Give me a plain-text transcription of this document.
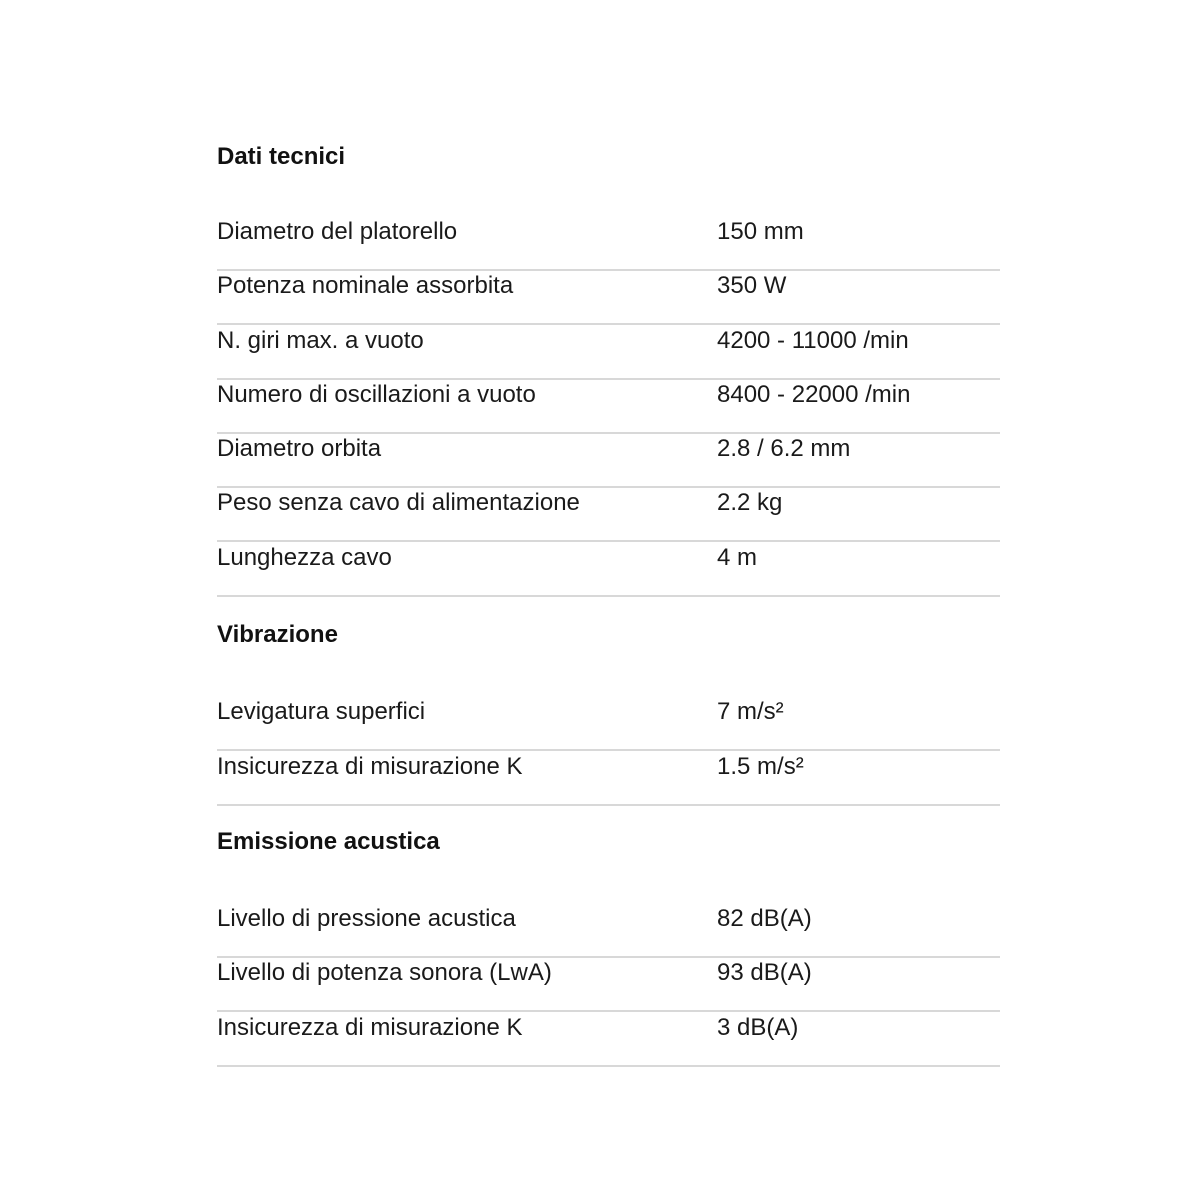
Dati tecnici
Diametro del platorello	150 mm
Potenza nominale assorbita	350 W
N. giri max. a vuoto	4200 - 11000 /min
Numero di oscillazioni a vuoto	8400 - 22000 /min
Diametro orbita	2.8 / 6.2 mm
Peso senza cavo di alimentazione	2.2 kg
Lunghezza cavo	4 m
Vibrazione
Levigatura superfici	7 m/s²
Insicurezza di misurazione K	1.5 m/s²
Emissione acustica
Livello di pressione acustica	82 dB(A)
Livello di potenza sonora (LwA)	93 dB(A)
Insicurezza di misurazione K	3 dB(A)
